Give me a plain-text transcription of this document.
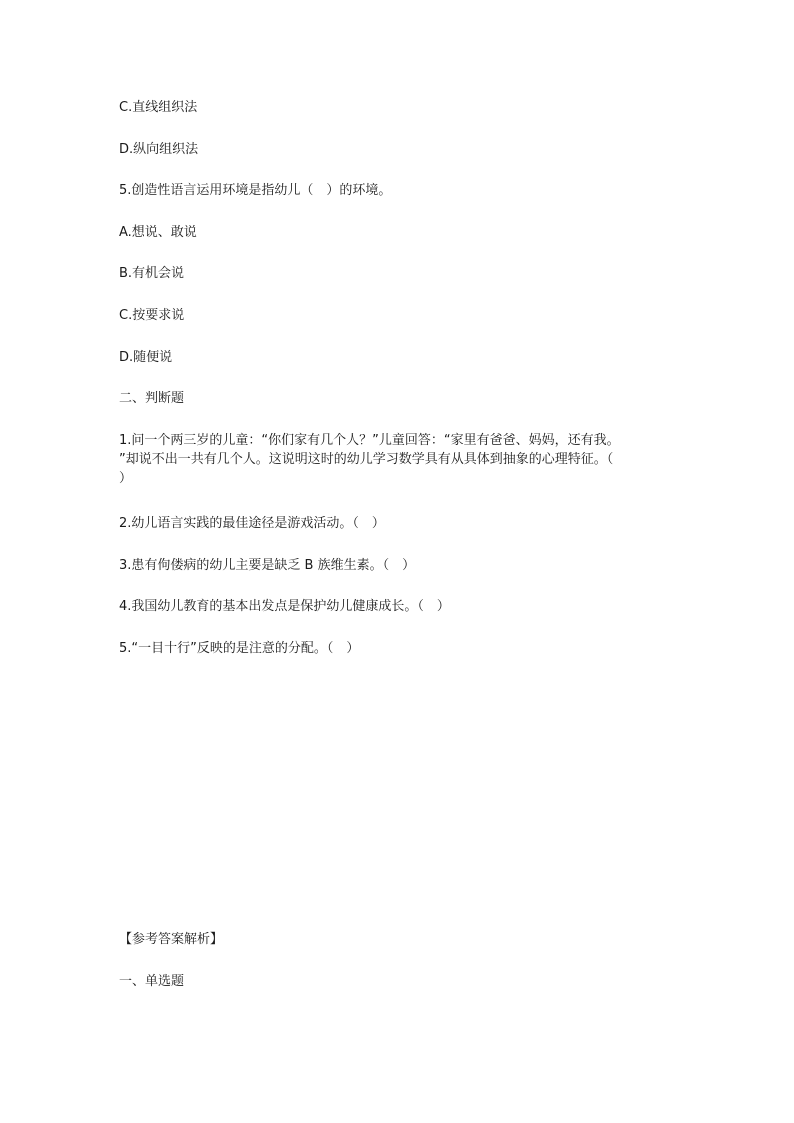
C.直线组织法

D.纵向组织法

5.创造性语言运用环境是指幼儿（　）的环境。

A.想说、敢说

B.有机会说

C.按要求说

D.随便说

二、判断题

1.问一个两三岁的儿童：“你们家有几个人？”儿童回答：“家里有爸爸、妈妈，还有我。
”却说不出一共有几个人。这说明这时的幼儿学习数学具有从具体到抽象的心理特征。（
）

2.幼儿语言实践的最佳途径是游戏活动。（　）

3.患有佝偻病的幼儿主要是缺乏 B 族维生素。（　）

4.我国幼儿教育的基本出发点是保护幼儿健康成长。（　）

5.“一目十行”反映的是注意的分配。（　）

【参考答案解析】

一、单选题
